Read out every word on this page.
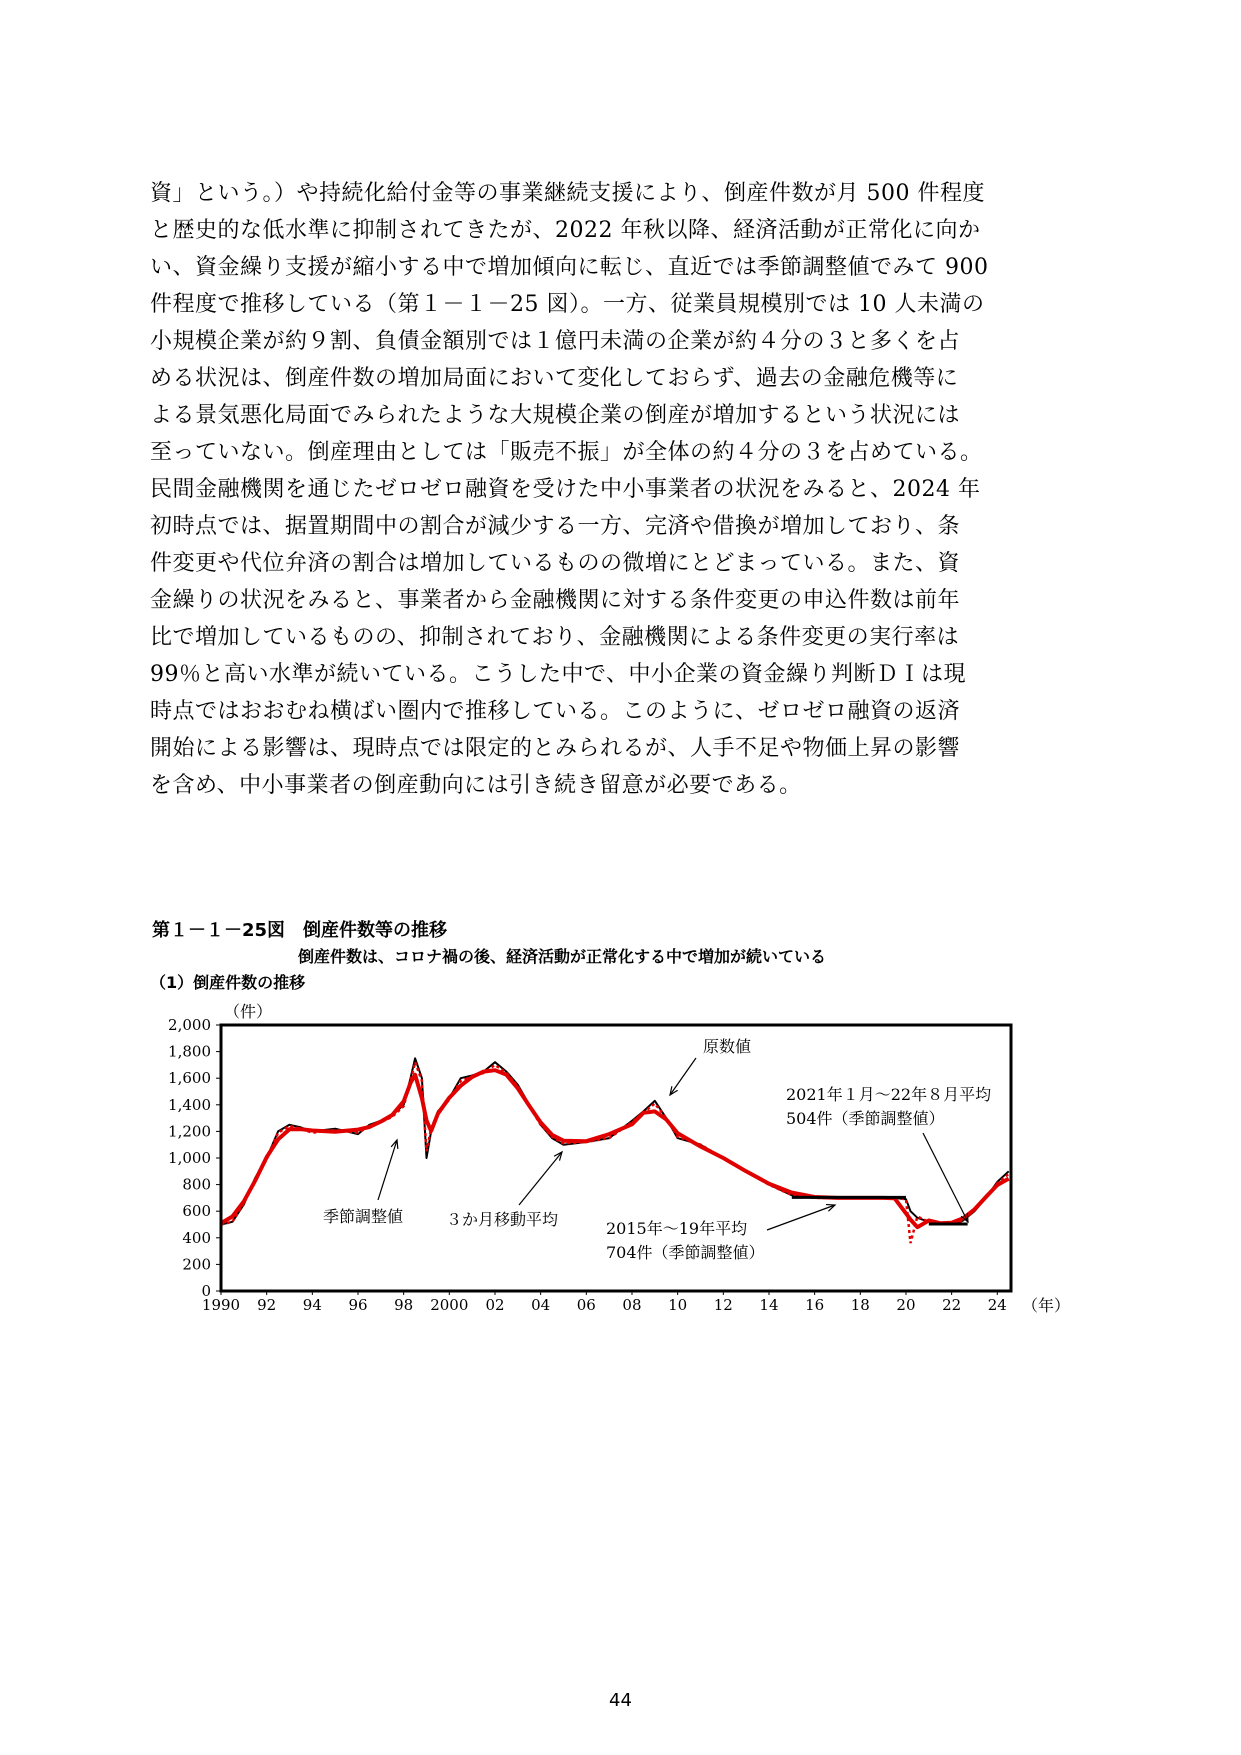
資」という。）や持続化給付金等の事業継続支援により、倒産件数が月 500 件程度

と歴史的な低水準に抑制されてきたが、2022 年秋以降、経済活動が正常化に向か

い、資金繰り支援が縮小する中で増加傾向に転じ、直近では季節調整値でみて 900

件程度で推移している（第１－１－25 図）。一方、従業員規模別では 10 人未満の

小規模企業が約９割、負債金額別では１億円未満の企業が約４分の３と多くを占

める状況は、倒産件数の増加局面において変化しておらず、過去の金融危機等に

よる景気悪化局面でみられたような大規模企業の倒産が増加するという状況には

至っていない。倒産理由としては「販売不振」が全体の約４分の３を占めている。

民間金融機関を通じたゼロゼロ融資を受けた中小事業者の状況をみると、2024 年

初時点では、据置期間中の割合が減少する一方、完済や借換が増加しており、条

件変更や代位弁済の割合は増加しているものの微増にとどまっている。また、資

金繰りの状況をみると、事業者から金融機関に対する条件変更の申込件数は前年

比で増加しているものの、抑制されており、金融機関による条件変更の実行率は

99％と高い水準が続いている。こうした中で、中小企業の資金繰り判断ＤＩは現

時点ではおおむね横ばい圏内で推移している。このように、ゼロゼロ融資の返済

開始による影響は、現時点では限定的とみられるが、人手不足や物価上昇の影響

を含め、中小事業者の倒産動向には引き続き留意が必要である。

第１－１－25図　倒産件数等の推移
倒産件数は、コロナ禍の後、経済活動が正常化する中で増加が続いている
（1）倒産件数の推移
0
200
400
600
800
1,000
1,200
1,400
1,600
1,800
2,000
1990 92 94 96 98 2000 02 04 06 08 10 12 14 16 18 20 22 24
原数値
季節調整値	３か月移動平均	2015年～19年平均
704件（季節調整値）
2021年１月～22年８月平均
504件（季節調整値）
（件）
（年）
44
